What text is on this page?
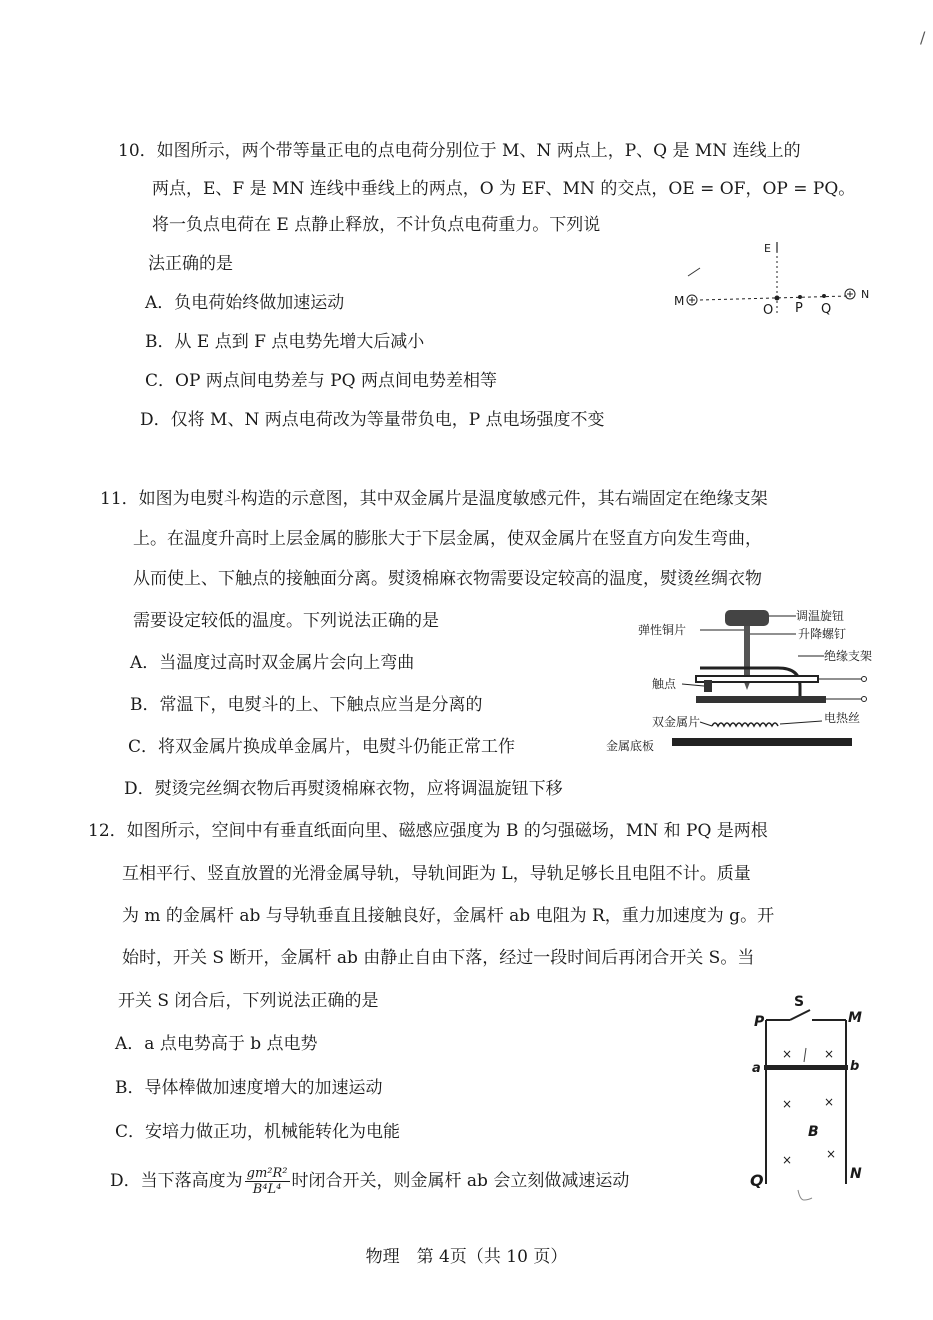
/
10．如图所示，两个带等量正电的点电荷分别位于 M、N 两点上，P、Q 是 MN 连线上的
两点，E、F 是 MN 连线中垂线上的两点，O 为 EF、MN 的交点，OE = OF，OP = PQ。
将一负点电荷在 E 点静止释放，不计负点电荷重力。下列说
法正确的是
A．负电荷始终做加速运动
B．从 E 点到 F 点电势先增大后减小
C．OP 两点间电势差与 PQ 两点间电势差相等
D．仅将 M、N 两点电荷改为等量带负电，P 点电场强度不变
E
M	N
O P Q
11．如图为电熨斗构造的示意图，其中双金属片是温度敏感元件，其右端固定在绝缘支架
上。在温度升高时上层金属的膨胀大于下层金属，使双金属片在竖直方向发生弯曲，
从而使上、下触点的接触面分离。熨烫棉麻衣物需要设定较高的温度，熨烫丝绸衣物
需要设定较低的温度。下列说法正确的是
A．当温度过高时双金属片会向上弯曲
B．常温下，电熨斗的上、下触点应当是分离的
C．将双金属片换成单金属片，电熨斗仍能正常工作
D．熨烫完丝绸衣物后再熨烫棉麻衣物，应将调温旋钮下移
调温旋钮
弹性铜片	升降螺钉
绝缘支架
触点
双金属片	电热丝
金属底板
12．如图所示，空间中有垂直纸面向里、磁感应强度为 B 的匀强磁场，MN 和 PQ 是两根
互相平行、竖直放置的光滑金属导轨，导轨间距为 L，导轨足够长且电阻不计。质量
为 m 的金属杆 ab 与导轨垂直且接触良好，金属杆 ab 电阻为 R，重力加速度为 g。开
始时，开关 S 断开，金属杆 ab 由静止自由下落，经过一段时间后再闭合开关 S。当
开关 S 闭合后，下列说法正确的是
A．a 点电势高于 b 点电势
B．导体棒做加速度增大的加速运动
C．安培力做正功，机械能转化为电能
D．当下落高度为 $\frac{\text{gm²R²}}{\text{B⁴L⁴}}$ 时闭合开关，则金属杆 ab 会立刻做减速运动
S
P	M
a	b
B
Q	N
×	×
×	×
×	×
物理　第 4页（共 10 页）
